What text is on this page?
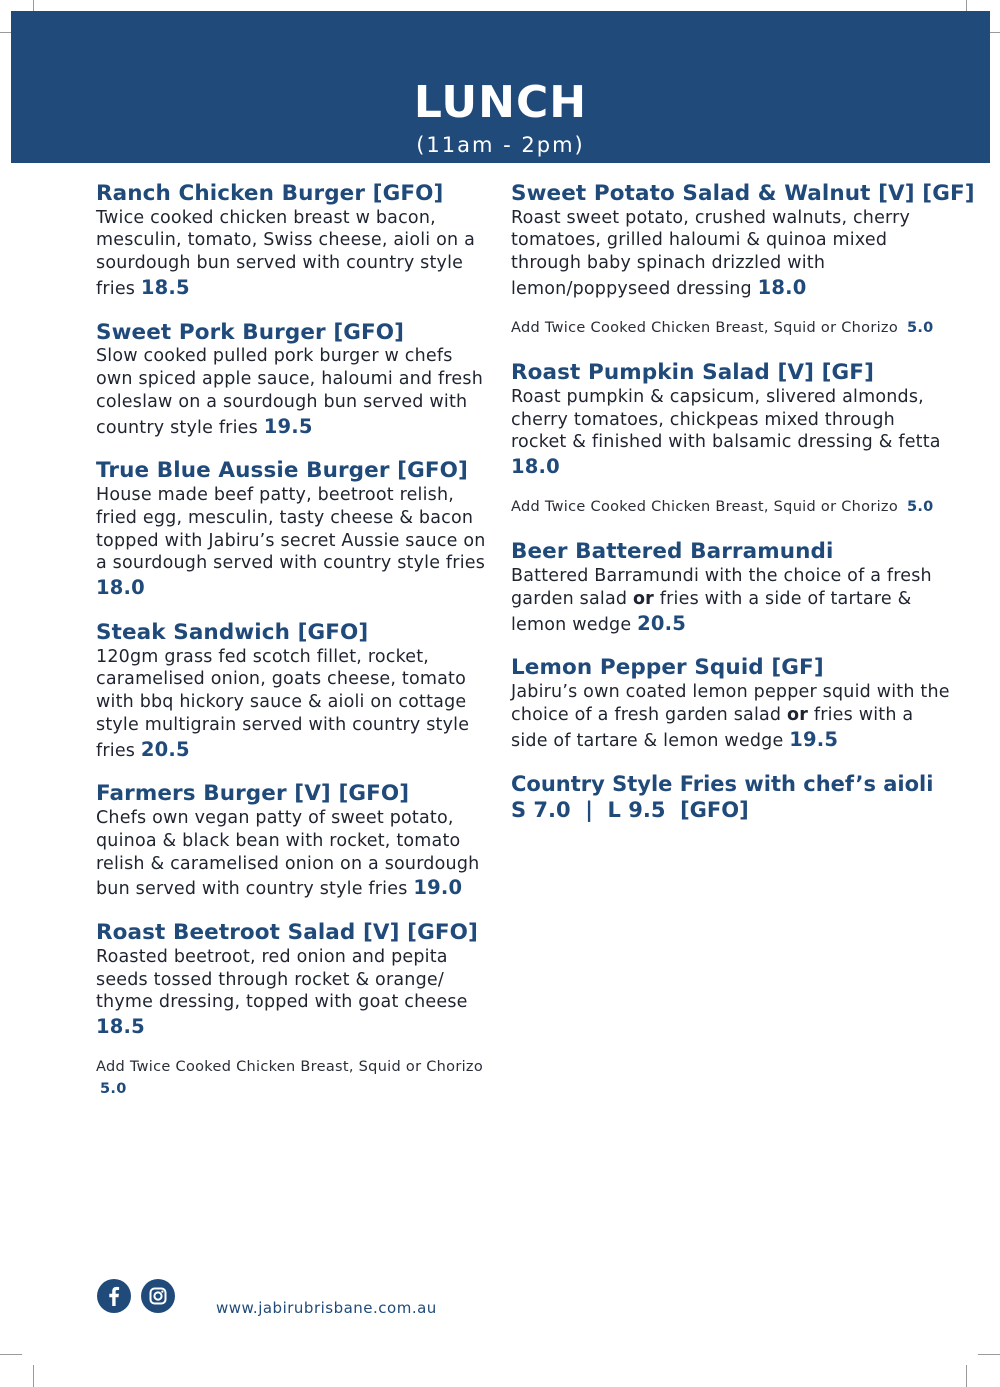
LUNCH
(11am - 2pm)
Ranch Chicken Burger [GFO]
Twice cooked chicken breast w bacon, mesculin, tomato, Swiss cheese, aioli on a sourdough bun served with country style fries 18.5
Sweet Pork Burger [GFO]
Slow cooked pulled pork burger w chefs own spiced apple sauce, haloumi and fresh coleslaw on a sourdough bun served with country style fries 19.5
True Blue Aussie Burger [GFO]
House made beef patty, beetroot relish, fried egg, mesculin, tasty cheese & bacon topped with Jabiru’s secret Aussie sauce on a sourdough served with country style fries 18.0
Steak Sandwich [GFO]
120gm grass fed scotch fillet, rocket, caramelised onion, goats cheese, tomato with bbq hickory sauce & aioli on cottage style multigrain served with country style fries 20.5
Farmers Burger [V] [GFO]
Chefs own vegan patty of sweet potato, quinoa & black bean with rocket, tomato relish & caramelised onion on a sourdough bun served with country style fries 19.0
Roast Beetroot Salad [V] [GFO]
Roasted beetroot, red onion and pepita seeds tossed through rocket & orange/ thyme dressing, topped with goat cheese 18.5
Add Twice Cooked Chicken Breast, Squid or Chorizo 5.0
Sweet Potato Salad & Walnut [V] [GF]
Roast sweet potato, crushed walnuts, cherry tomatoes, grilled haloumi & quinoa mixed through baby spinach drizzled with lemon/poppyseed dressing 18.0
Add Twice Cooked Chicken Breast, Squid or Chorizo 5.0
Roast Pumpkin Salad [V] [GF]
Roast pumpkin & capsicum, slivered almonds, cherry tomatoes, chickpeas mixed through rocket & finished with balsamic dressing & fetta 18.0
Add Twice Cooked Chicken Breast, Squid or Chorizo 5.0
Beer Battered Barramundi
Battered Barramundi with the choice of a fresh garden salad or fries with a side of tartare & lemon wedge 20.5
Lemon Pepper Squid [GF]
Jabiru’s own coated lemon pepper squid with the choice of a fresh garden salad or fries with a side of tartare & lemon wedge 19.5
Country Style Fries with chef’s aioli
S 7.0  |  L 9.5  [GFO]
www.jabirubrisbane.com.au
